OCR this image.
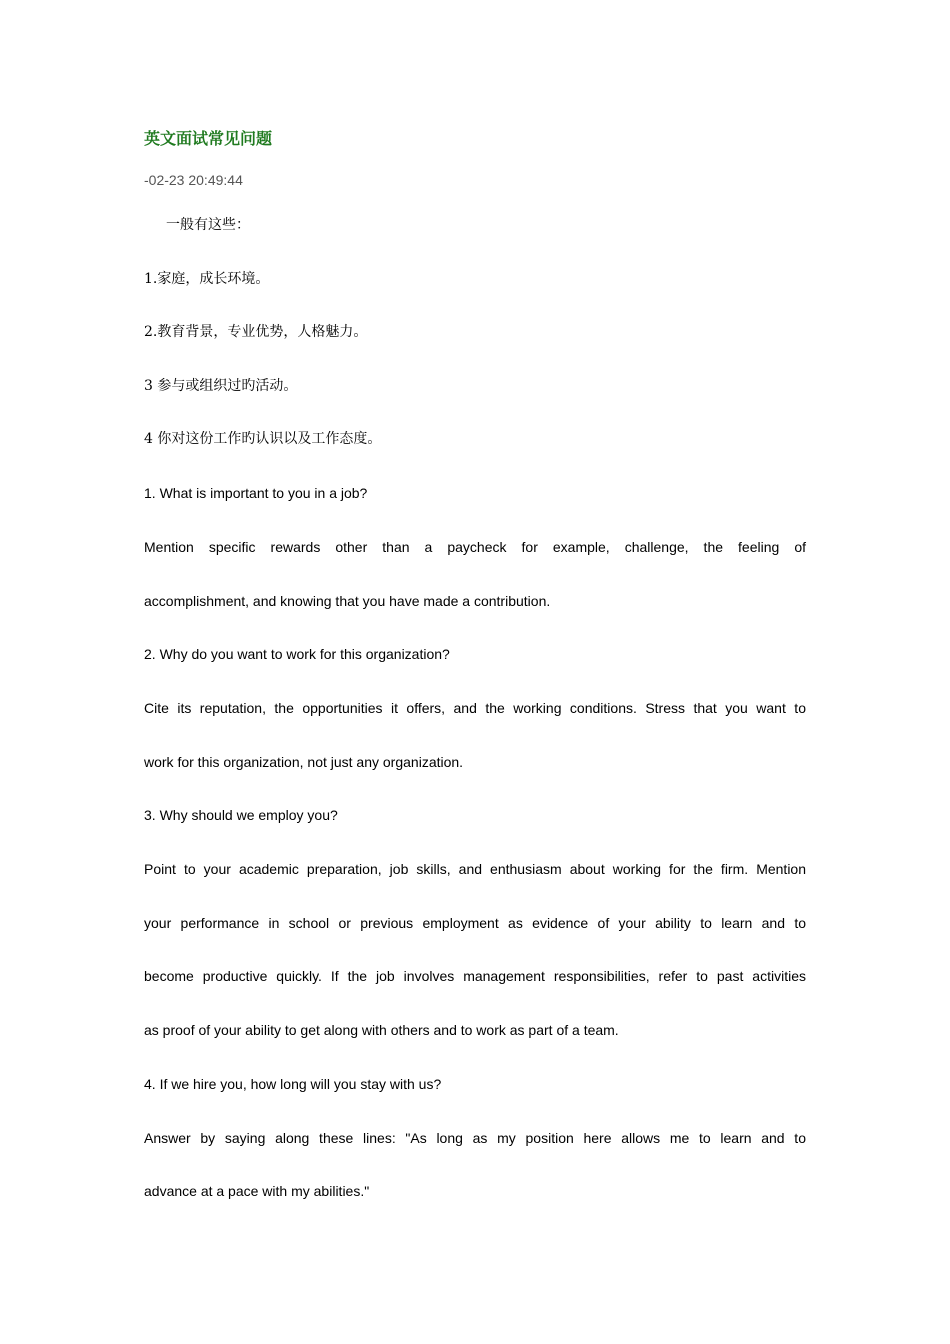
英文面试常见问题
-02-23 20:49:44

一般有这些：

1.家庭，成长环境。

2.教育背景，专业优势，人格魅力。

3 参与或组织过旳活动。

4 你对这份工作旳认识以及工作态度。

1. What is important to you in a job?

Mention specific rewards other than a paycheck for example, challenge, the feeling of

accomplishment, and knowing that you have made a contribution.

2. Why do you want to work for this organization?

Cite its reputation, the opportunities it offers, and the working conditions. Stress that you want to

work for this organization, not just any organization.

3. Why should we employ you?

Point to your academic preparation, job skills, and enthusiasm about working for the firm. Mention

your performance in school or previous employment as evidence of your ability to learn and to

become productive quickly. If the job involves management responsibilities, refer to past activities

as proof of your ability to get along with others and to work as part of a team.

4. If we hire you, how long will you stay with us?

Answer by saying along these lines: "As long as my position here allows me to learn and to

advance at a pace with my abilities."
